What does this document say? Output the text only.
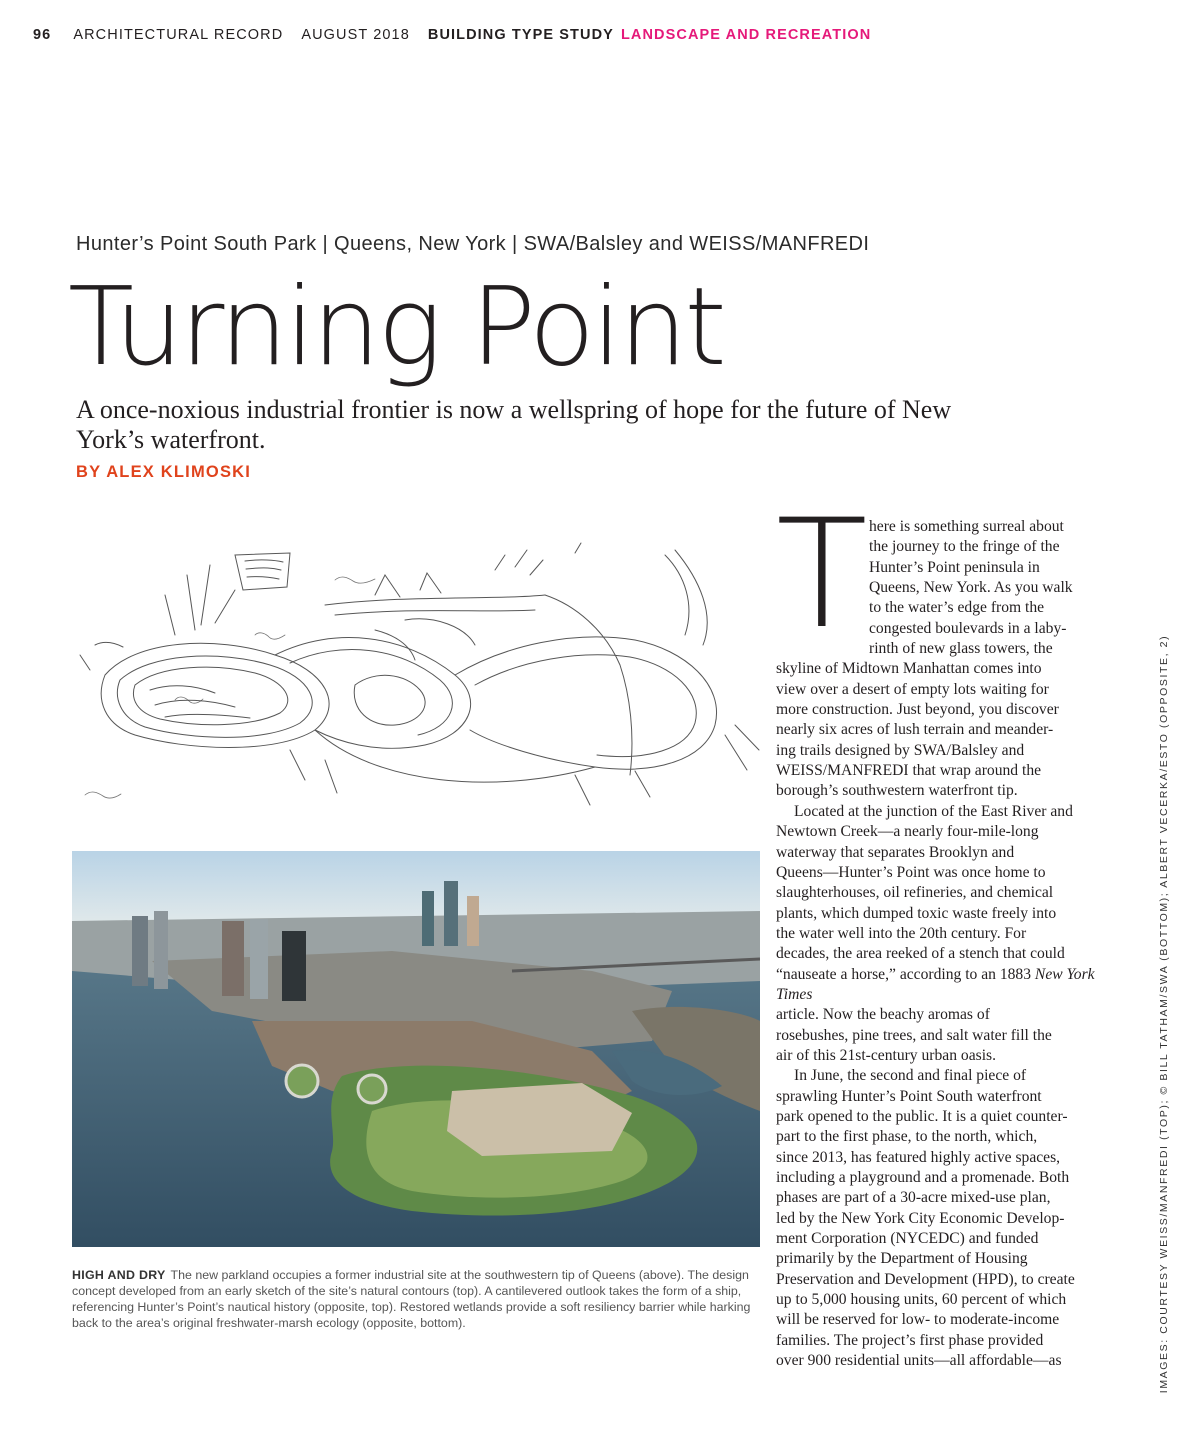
96 ARCHITECTURAL RECORD AUGUST 2018 BUILDING TYPE STUDY LANDSCAPE AND RECREATION
Hunter’s Point South Park | Queens, New York | SWA/Balsley and WEISS/MANFREDI
Turning Point

A once-noxious industrial frontier is now a wellspring of hope for the future of New York’s waterfront.

BY ALEX KLIMOSKI

HIGH AND DRY The new parkland occupies a former industrial site at the southwestern tip of Queens (above). The design concept developed from an early sketch of the site’s natural contours (top). A cantilevered outlook takes the form of a ship, referencing Hunter’s Point’s nautical history (opposite, top). Restored wetlands provide a soft resiliency barrier while harking back to the area’s original freshwater-marsh ecology (opposite, bottom).

T here is something surreal about
the journey to the fringe of the
Hunter’s Point peninsula in
Queens, New York. As you walk
to the water’s edge from the
congested boulevards in a laby-
rinth of new glass towers, the
skyline of Midtown Manhattan comes into
view over a desert of empty lots waiting for
more construction. Just beyond, you discover
nearly six acres of lush terrain and meander-
ing trails designed by SWA/Balsley and
WEISS/MANFREDI that wrap around the
borough’s southwestern waterfront tip.

Located at the junction of the East River and
Newtown Creek—a nearly four-mile-long
waterway that separates Brooklyn and
Queens—Hunter’s Point was once home to
slaughterhouses, oil refineries, and chemical
plants, which dumped toxic waste freely into
the water well into the 20th century. For
decades, the area reeked of a stench that could
“nauseate a horse,” according to an 1883 New York Times
article. Now the beachy aromas of
rosebushes, pine trees, and salt water fill the
air of this 21st-century urban oasis.

In June, the second and final piece of
sprawling Hunter’s Point South waterfront
park opened to the public. It is a quiet counter-
part to the first phase, to the north, which,
since 2013, has featured highly active spaces,
including a playground and a promenade. Both
phases are part of a 30-acre mixed-use plan,
led by the New York City Economic Develop-
ment Corporation (NYCEDC) and funded
primarily by the Department of Housing
Preservation and Development (HPD), to create
up to 5,000 housing units, 60 percent of which
will be reserved for low- to moderate-income
families. The project’s first phase provided
over 900 residential units—all affordable—as	IMAGES: COURTESY WEISS/MANFREDI (TOP); © BILL TATHAM/SWA (BOTTOM); ALBERT VECERKA/ESTO (OPPOSITE, 2)
